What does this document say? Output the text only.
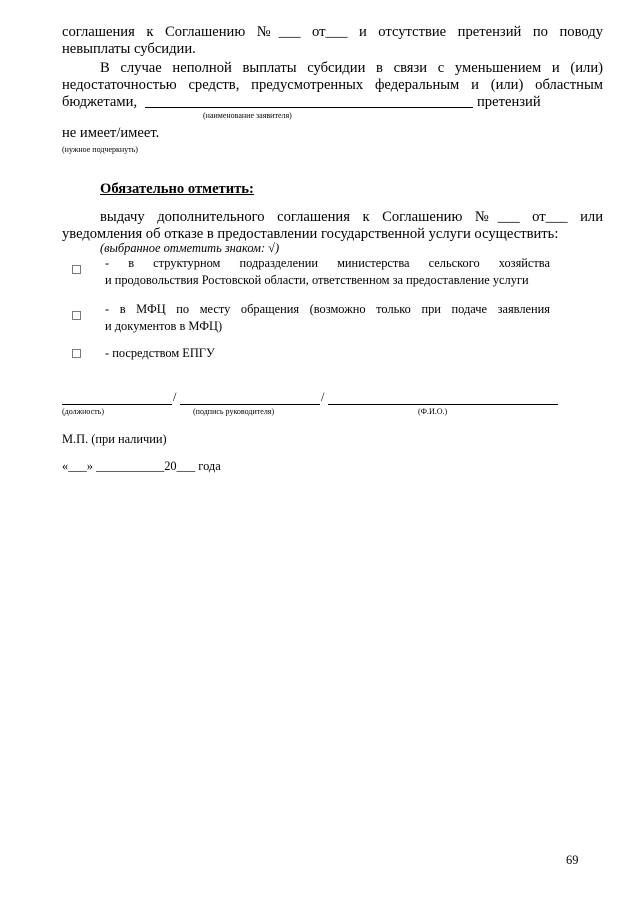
соглашения к Соглашению №___ от___ и отсутствие претензий по поводу
невыплаты субсидии.
В случае неполной выплаты субсидии в связи с уменьшением и (или)
недостаточностью средств, предусмотренных федеральным и (или) областным
бюджетами,	претензий
(наименование заявителя)
не имеет/имеет.
(нужное подчеркнуть)
Обязательно отметить:
выдачу дополнительного соглашения к Соглашению №___ от___ или
уведомления об отказе в предоставлении государственной услуги осуществить:
(выбранное отметить знаком: √)
- в структурном подразделении министерства сельского хозяйства
и продовольствия Ростовской области, ответственном за предоставление услуги
- в МФЦ по месту обращения (возможно только при подаче заявления
и документов в МФЦ)
- посредством ЕПГУ
/	/
(должность)	(подпись руководителя)	(Ф.И.О.)
М.П. (при наличии)
«___» ___________20___ года
69
